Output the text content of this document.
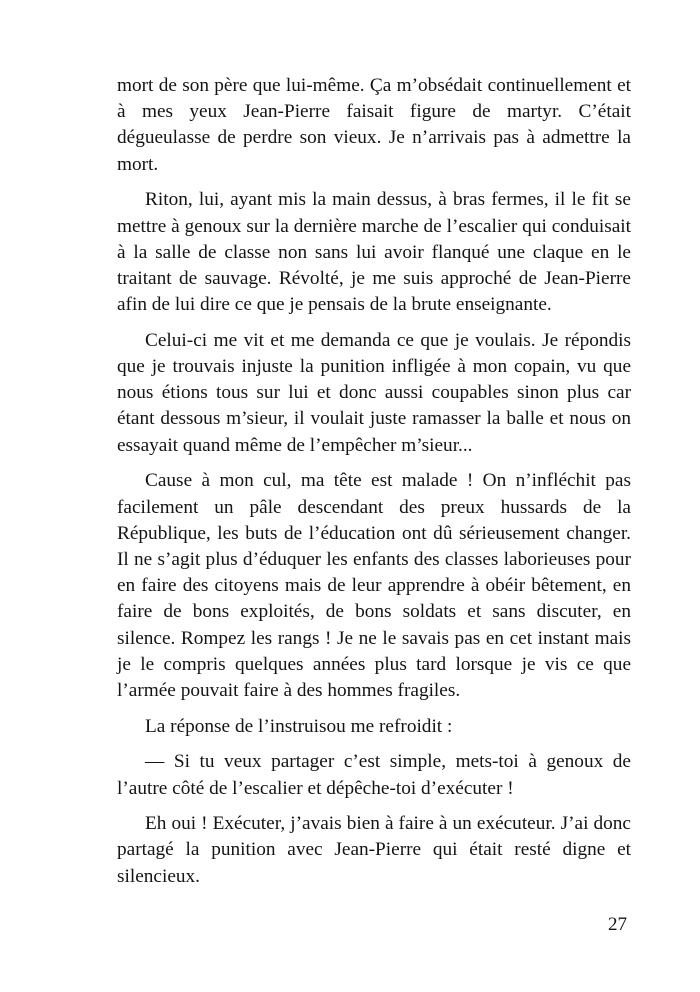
mort de son père que lui-même. Ça m’obsédait continuellement et à mes yeux Jean-Pierre faisait figure de martyr. C’était dégueulasse de perdre son vieux. Je n’arrivais pas à admettre la mort.

Riton, lui, ayant mis la main dessus, à bras fermes, il le fit se mettre à genoux sur la dernière marche de l’escalier qui conduisait à la salle de classe non sans lui avoir flanqué une claque en le traitant de sauvage. Révolté, je me suis approché de Jean-Pierre afin de lui dire ce que je pensais de la brute enseignante.

Celui-ci me vit et me demanda ce que je voulais. Je répondis que je trouvais injuste la punition infligée à mon copain, vu que nous étions tous sur lui et donc aussi coupables sinon plus car étant dessous m’sieur, il voulait juste ramasser la balle et nous on essayait quand même de l’empêcher m’sieur...

Cause à mon cul, ma tête est malade ! On n’infléchit pas facilement un pâle descendant des preux hussards de la République, les buts de l’éducation ont dû sérieusement changer. Il ne s’agit plus d’éduquer les enfants des classes laborieuses pour en faire des citoyens mais de leur apprendre à obéir bêtement, en faire de bons exploités, de bons soldats et sans discuter, en silence. Rompez les rangs ! Je ne le savais pas en cet instant mais je le compris quelques années plus tard lorsque je vis ce que l’armée pouvait faire à des hommes fragiles.

La réponse de l’instruisou me refroidit :

— Si tu veux partager c’est simple, mets-toi à genoux de l’autre côté de l’escalier et dépêche-toi d’exécuter !

Eh oui ! Exécuter, j’avais bien à faire à un exécuteur. J’ai donc partagé la punition avec Jean-Pierre qui était resté digne et silencieux.

27
